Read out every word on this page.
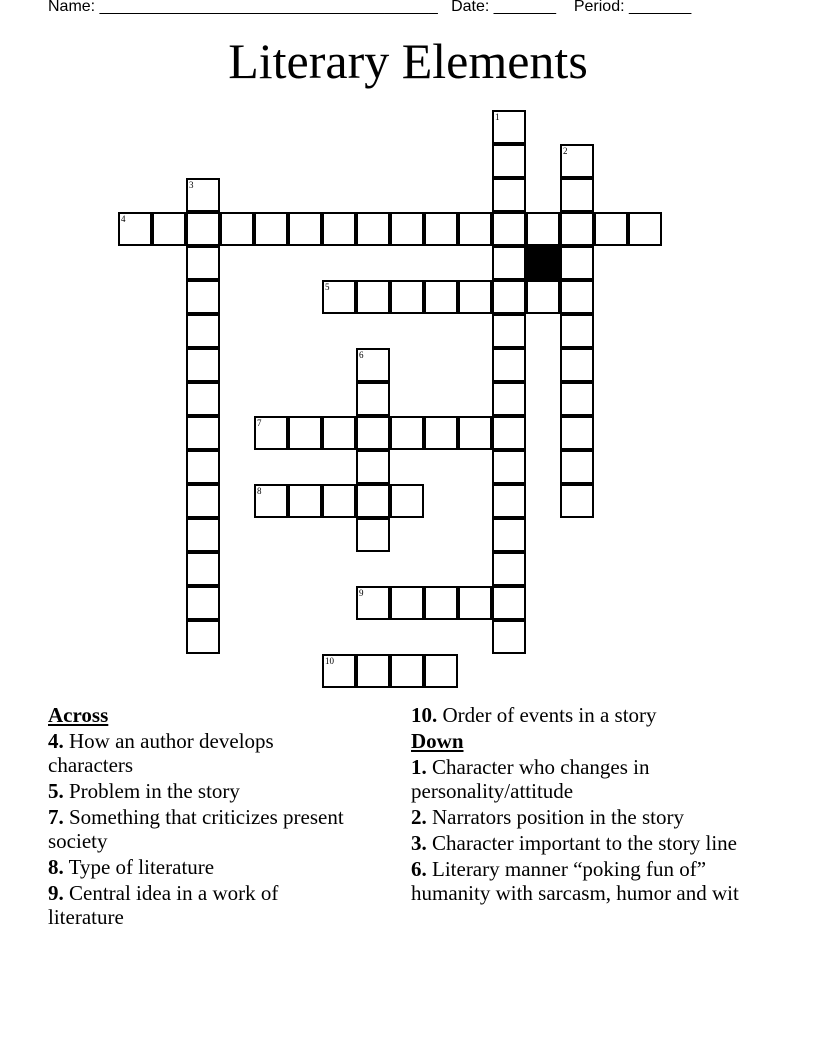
Name: ______________________________________ Date: _______ Period: _______
Literary Elements
1
2
3
4
5
6
7
8
9
10
Across
4. How an author develops characters
5. Problem in the story
7. Something that criticizes present society
8. Type of literature
9. Central idea in a work of literature
10. Order of events in a story
Down
1. Character who changes in personality/attitude
2. Narrators position in the story
3. Character important to the story line
6. Literary manner “poking fun of” humanity with sarcasm, humor and wit
